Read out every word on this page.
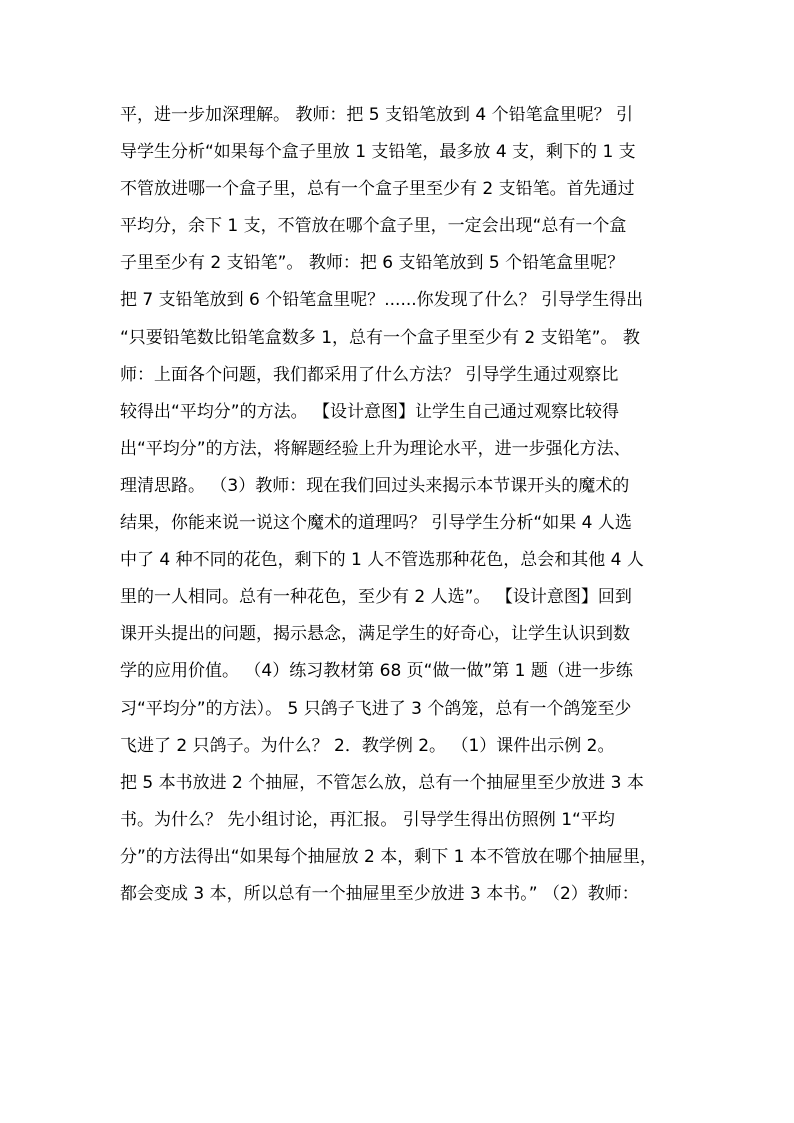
平，进一步加深理解。 教师：把 5 支铅笔放到 4 个铅笔盒里呢？ 引
导学生分析“如果每个盒子里放 1 支铅笔，最多放 4 支，剩下的 1 支
不管放进哪一个盒子里，总有一个盒子里至少有 2 支铅笔。首先通过
平均分，余下 1 支，不管放在哪个盒子里，一定会出现“总有一个盒
子里至少有 2 支铅笔”。 教师：把 6 支铅笔放到 5 个铅笔盒里呢？
把 7 支铅笔放到 6 个铅笔盒里呢？......你发现了什么？ 引导学生得出
“只要铅笔数比铅笔盒数多 1，总有一个盒子里至少有 2 支铅笔”。 教
师：上面各个问题，我们都采用了什么方法？ 引导学生通过观察比
较得出“平均分”的方法。 【设计意图】让学生自己通过观察比较得
出“平均分”的方法，将解题经验上升为理论水平，进一步强化方法、
理清思路。 （3）教师：现在我们回过头来揭示本节课开头的魔术的
结果，你能来说一说这个魔术的道理吗？ 引导学生分析“如果 4 人选
中了 4 种不同的花色，剩下的 1 人不管选那种花色，总会和其他 4 人
里的一人相同。总有一种花色，至少有 2 人选”。 【设计意图】回到
课开头提出的问题，揭示悬念，满足学生的好奇心，让学生认识到数
学的应用价值。 （4）练习教材第 68 页“做一做”第 1 题（进一步练
习“平均分”的方法）。 5 只鸽子飞进了 3 个鸽笼，总有一个鸽笼至少
飞进了 2 只鸽子。为什么？ 2．教学例 2。 （1）课件出示例 2。
把 5 本书放进 2 个抽屉，不管怎么放，总有一个抽屉里至少放进 3 本
书。为什么？ 先小组讨论，再汇报。 引导学生得出仿照例 1“平均
分”的方法得出“如果每个抽屉放 2 本，剩下 1 本不管放在哪个抽屉里，
都会变成 3 本，所以总有一个抽屉里至少放进 3 本书。” （2）教师：
